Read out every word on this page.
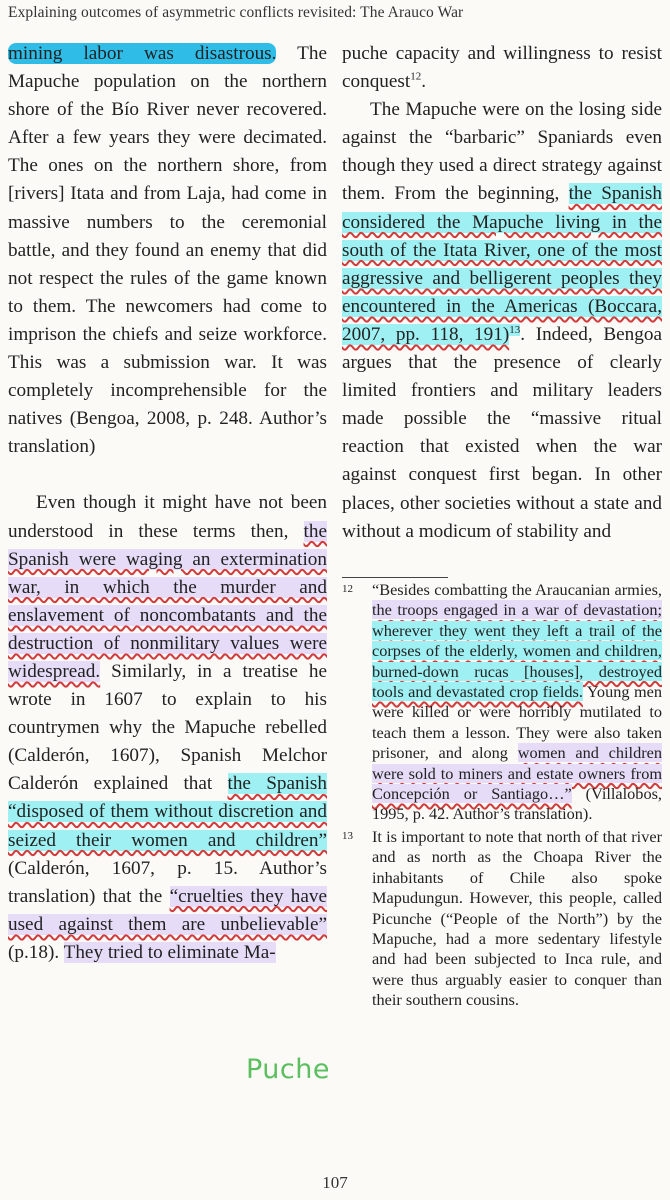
Explaining outcomes of asymmetric conflicts revisited: The Arauco War

mining labor was disastrous. The Mapuche population on the northern shore of the Bío River never recovered. After a few years they were decimated. The ones on the northern shore, from [rivers] Itata and from Laja, had come in massive numbers to the ceremonial battle, and they found an enemy that did not respect the rules of the game known to them. The newcomers had come to imprison the chiefs and seize workforce. This was a submission war. It was completely incomprehensible for the natives (Bengoa, 2008, p. 248. Author’s translation)

Even though it might have not been understood in these terms then, the Spanish were waging an extermination war, in which the murder and enslavement of noncombatants and the destruction of nonmilitary values were widespread. Similarly, in a treatise he wrote in 1607 to explain to his countrymen why the Mapuche rebelled (Calderón, 1607), Spanish Melchor Calderón explained that the Spanish “disposed of them without discretion and seized their women and children” (Calderón, 1607, p. 15. Author’s translation) that the “cruelties they have used against them are unbelievable” (p.18). They tried to eliminate Ma-

puche capacity and willingness to resist conquest$^{12}$.

The Mapuche were on the losing side against the “barbaric” Spaniards even though they used a direct strategy against them. From the beginning, the Spanish considered the Mapuche living in the south of the Itata River, one of the most aggressive and belligerent peoples they encountered in the Americas (Boccara, 2007, pp. 118, 191)$^{13}$. Indeed, Bengoa argues that the presence of clearly limited frontiers and military leaders made possible the “massive ritual reaction that existed when the war against conquest first began. In other places, other societies without a state and without a modicum of stability and

12	“Besides combatting the Araucanian armies, the troops engaged in a war of devastation; wherever they went they left a trail of the corpses of the elderly, women and children, burned-down rucas [houses], destroyed tools and devastated crop fields. Young men were killed or were horribly mutilated to teach them a lesson. They were also taken prisoner, and along women and children were sold to miners and estate owners from Concepción or Santiago…” (Villalobos, 1995, p. 42. Author’s translation).
13	It is important to note that north of that river and as north as the Choapa River the inhabitants of Chile also spoke Mapudungun. However, this people, called Picunche (“People of the North”) by the Mapuche, had a more sedentary lifestyle and had been subjected to Inca rule, and were thus arguably easier to conquer than their southern cousins.
Puche
107
